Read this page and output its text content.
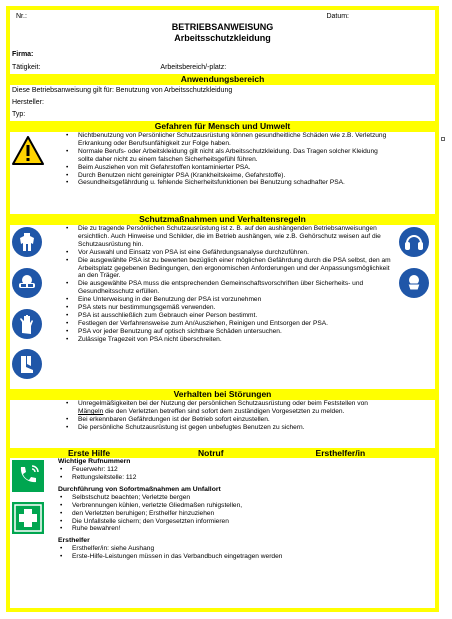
Nr.:	Datum:
BETRIEBSANWEISUNG
Arbeitsschutzkleidung
Firma:
Tätigkeit:	Arbeitsbereich/-platz:
Anwendungsbereich
Diese Betriebsanweisung gilt für: Benutzung von Arbeitsschutzkleidung
Hersteller:
Typ:
Gefahren für Mensch und Umwelt
• Nichtbenutzung von Persönlicher Schutzausrüstung können gesundheitliche Schäden wie z.B. Verletzung Erkrankung oder Berufsunfähigkeit zur Folge haben.
• Normale Berufs- oder Arbeitskleidung gilt nicht als Arbeitsschutzkleidung. Das Tragen solcher Kleidung sollte daher nicht zu einem falschen Sicherheitsgefühl führen.
• Beim Ausziehen von mit Gefahrstoffen kontaminierter PSA.
• Durch Benutzen nicht gereinigter PSA (Krankheitskeime, Gefahrstoffe).
• Gesundheitsgefährdung u. fehlende Sicherheitsfunktionen bei Benutzung schadhafter PSA.
Schutzmaßnahmen und Verhaltensregeln
• Die zu tragende Persönlichen Schutzausrüstung ist z. B. auf den aushängenden Betriebsanweisungen ersichtlich. Auch Hinweise und Schilder, die im Betrieb aushängen, wie z.B. Gehörschutz weisen auf die Schutzausrüstung hin.
• Vor Auswahl und Einsatz von PSA ist eine Gefährdungsanalyse durchzuführen.
• Die ausgewählte PSA ist zu bewerten bezüglich einer möglichen Gefährdung durch die PSA selbst, den am Arbeitsplatz gegebenen Bedingungen, den ergonomischen Anforderungen und der Anpassungsmöglichkeit an den Träger.
• Die ausgewählte PSA muss die entsprechenden Gemeinschaftsvorschriften über Sicherheits- und Gesundheitsschutz erfüllen.
• Eine Unterweisung in der Benutzung der PSA ist vorzunehmen
• PSA stets nur bestimmungsgemäß verwenden.
• PSA ist ausschließlich zum Gebrauch einer Person bestimmt.
• Festlegen der Verfahrensweise zum An/Ausziehen, Reinigen und Entsorgen der PSA.
• PSA vor jeder Benutzung auf optisch sichtbare Schäden untersuchen.
• Zulässige Tragezeit von PSA nicht überschreiten.
Verhalten bei Störungen
• Unregelmäßigkeiten bei der Nutzung der persönlichen Schutzausrüstung oder beim Feststellen von Mängeln die den Verletzten betreffen sind sofort dem zuständigen Vorgesetzten zu melden.
• Bei erkennbaren Gefährdungen ist der Betrieb sofort einzustellen.
• Die persönliche Schutzausrüstung ist gegen unbefugtes Benutzen zu sichern.
Erste Hilfe	Notruf	Ersthelfer/in
Wichtige Rufnummern
• Feuerwehr: 112
• Rettungsleitstelle: 112
Durchführung von Sofortmaßnahmen am Unfallort
• Selbstschutz beachten; Verletzte bergen
• Verbrennungen kühlen, verletzte Gliedmaßen ruhigstellen,
• den Verletzten beruhigen; Ersthelfer hinzuziehen
• Die Unfallstelle sichern; den Vorgesetzten informieren
• Ruhe bewahren!
Ersthelfer
• Ersthelfer/in: siehe Aushang
• Erste-Hilfe-Leistungen müssen in das Verbandbuch eingetragen werden
